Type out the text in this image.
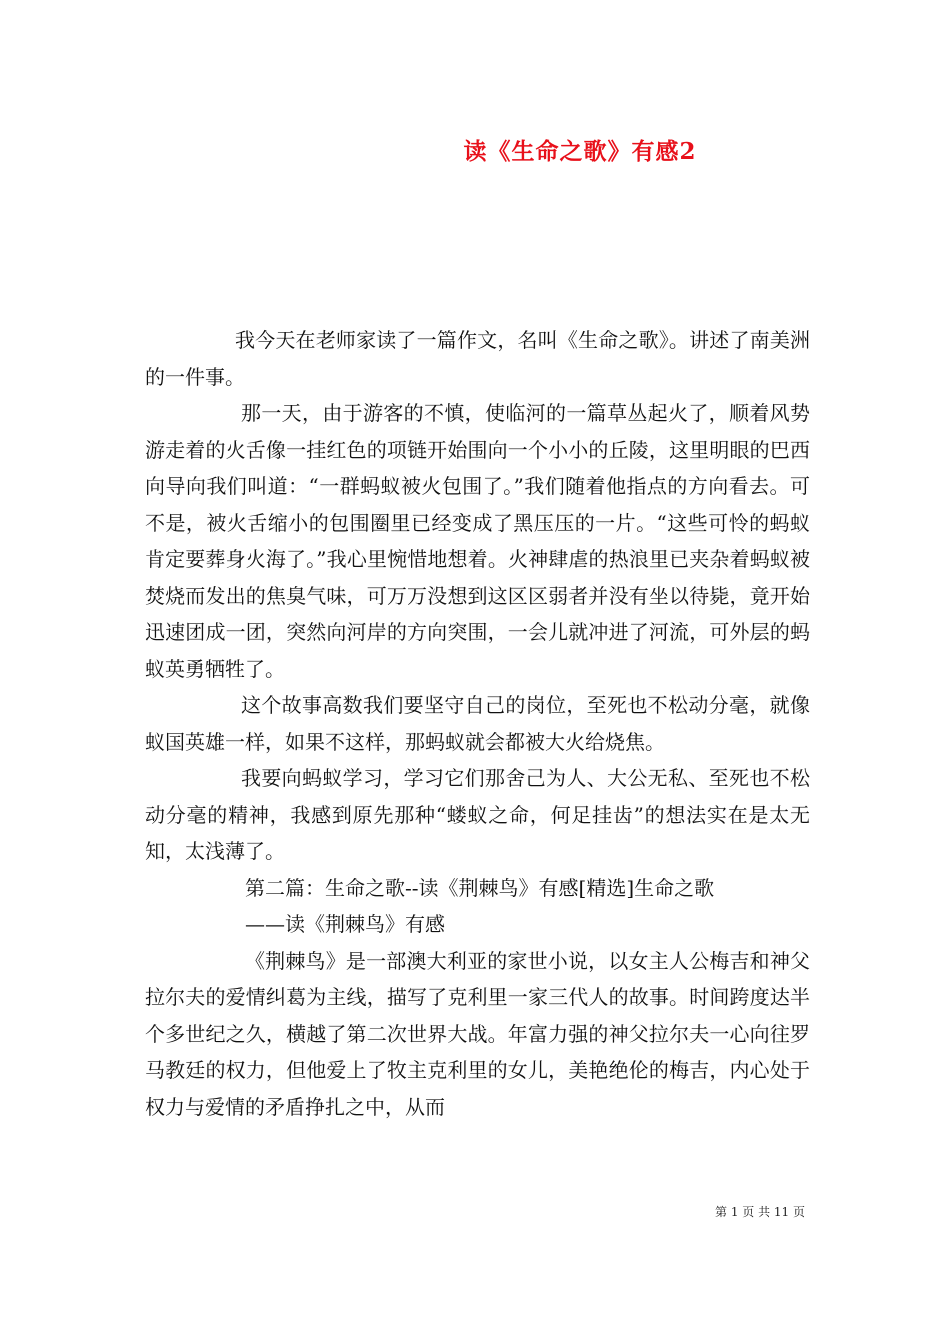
读《生命之歌》有感2

我今天在老师家读了一篇作文，名叫《生命之歌》。讲述了南美洲的一件事。

那一天，由于游客的不慎，使临河的一篇草丛起火了，顺着风势游走着的火舌像一挂红色的项链开始围向一个小小的丘陵，这里明眼的巴西向导向我们叫道：“一群蚂蚁被火包围了。”我们随着他指点的方向看去。可不是，被火舌缩小的包围圈里已经变成了黑压压的一片。“这些可怜的蚂蚁肯定要葬身火海了。”我心里惋惜地想着。火神肆虐的热浪里已夹杂着蚂蚁被焚烧而发出的焦臭气味，可万万没想到这区区弱者并没有坐以待毙，竟开始迅速团成一团，突然向河岸的方向突围，一会儿就冲进了河流，可外层的蚂蚁英勇牺牲了。

这个故事高数我们要坚守自己的岗位，至死也不松动分毫，就像蚁国英雄一样，如果不这样，那蚂蚁就会都被大火给烧焦。

我要向蚂蚁学习，学习它们那舍己为人、大公无私、至死也不松动分毫的精神，我感到原先那种“蝼蚁之命，何足挂齿”的想法实在是太无知，太浅薄了。

第二篇：生命之歌--读《荆棘鸟》有感[精选]生命之歌

——读《荆棘鸟》有感

《荆棘鸟》是一部澳大利亚的家世小说，以女主人公梅吉和神父拉尔夫的爱情纠葛为主线，描写了克利里一家三代人的故事。时间跨度达半个多世纪之久，横越了第二次世界大战。年富力强的神父拉尔夫一心向往罗马教廷的权力，但他爱上了牧主克利里的女儿，美艳绝伦的梅吉，内心处于权力与爱情的矛盾挣扎之中，从而

第 1 页 共 11 页
